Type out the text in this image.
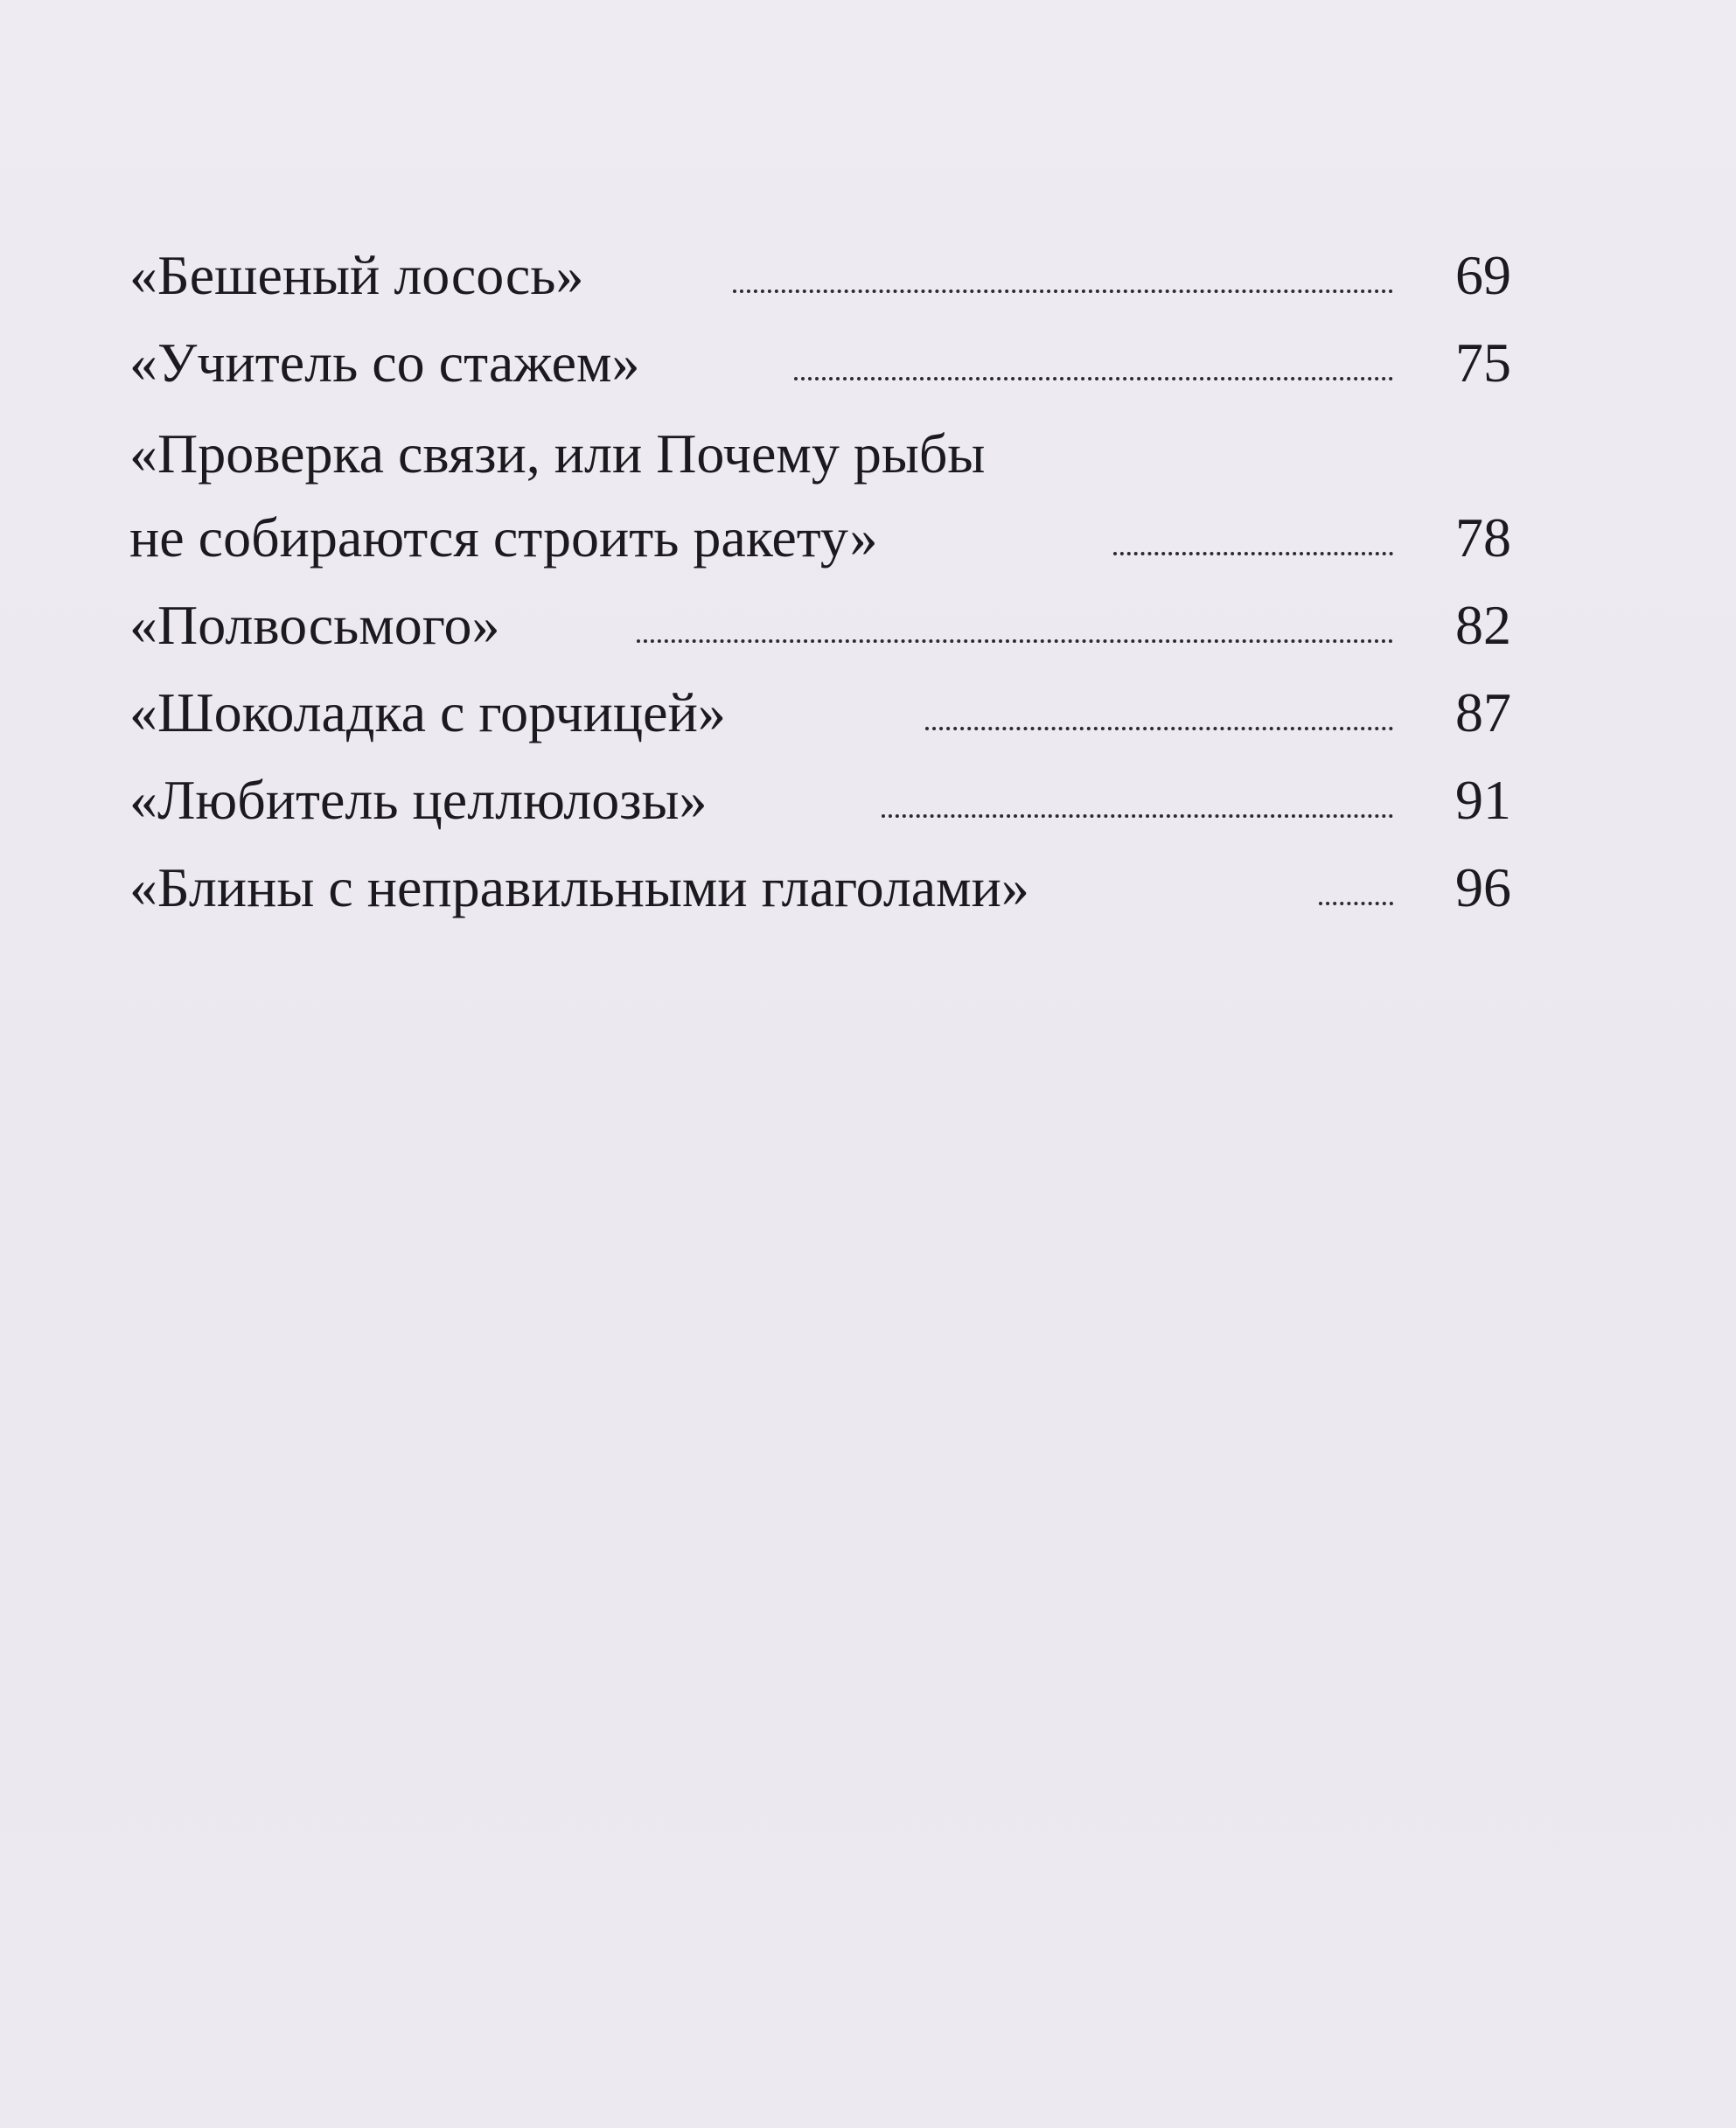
«Бешеный лосось»	69
«Учитель со стажем»	75
«Проверка связи, или Почему рыбы
не собираются строить ракету»	78
«Полвосьмого»	82
«Шоколадка с горчицей»	87
«Любитель целлюлозы»	91
«Блины с неправильными глаголами»	96
